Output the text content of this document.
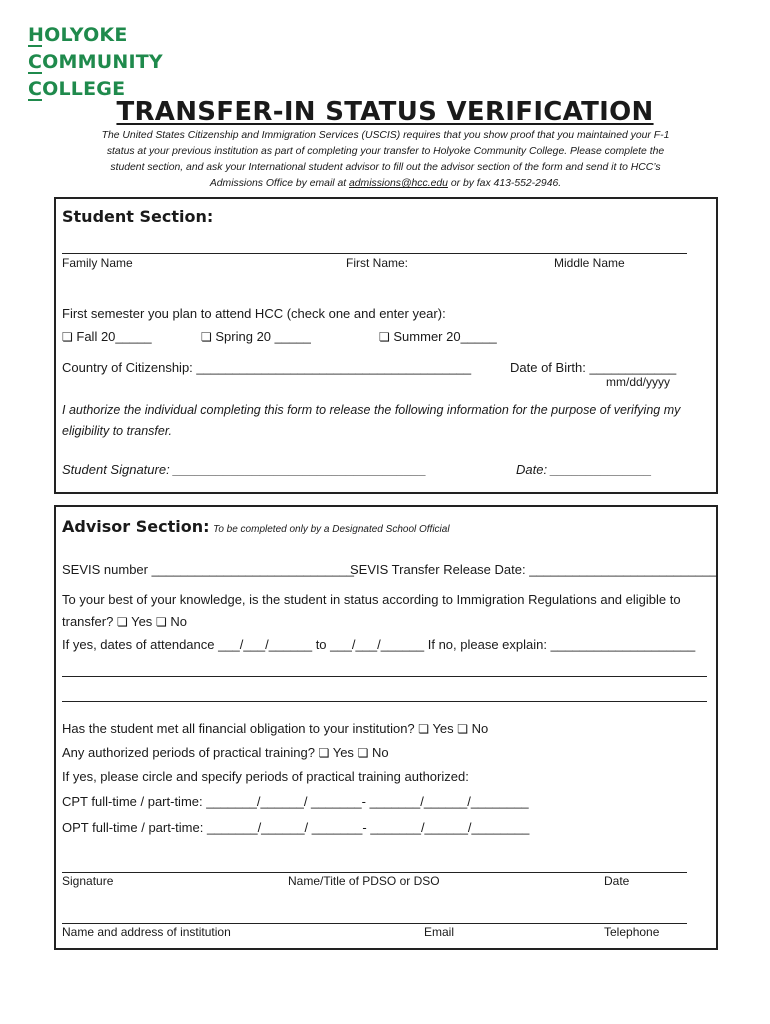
HOLYOKE
COMMUNITY
COLLEGE
TRANSFER-IN STATUS VERIFICATION
The United States Citizenship and Immigration Services (USCIS) requires that you show proof that you maintained your F-1 status at your previous institution as part of completing your transfer to Holyoke Community College. Please complete the student section, and ask your International student advisor to fill out the advisor section of the form and send it to HCC’s Admissions Office by email at admissions@hcc.edu or by fax 413-552-2946.
Student Section:
Family Name	First Name:	Middle Name
First semester you plan to attend HCC (check one and enter year):
❏ Fall 20_____	❏ Spring 20 _____	❏ Summer 20_____
Country of Citizenship: ______________________________________	Date of Birth: ____________
mm/dd/yyyy
I authorize the individual completing this form to release the following information for the purpose of verifying my eligibility to transfer.
Student Signature: ___________________________________	Date: ______________
Advisor Section: To be completed only by a Designated School Official
SEVIS number ____________________________
SEVIS Transfer Release Date: __________________________
To your best of your knowledge, is the student in status according to Immigration Regulations and eligible to transfer? ❏ Yes ❏ No
If yes, dates of attendance ___/___/______ to ___/___/______ If no, please explain: ____________________
Has the student met all financial obligation to your institution? ❏ Yes ❏ No
Any authorized periods of practical training? ❏ Yes ❏ No
If yes, please circle and specify periods of practical training authorized:
CPT full-time / part-time: _______/______/ _______- _______/______/________
OPT full-time / part-time: _______/______/ _______- _______/______/________
Signature	Name/Title of PDSO or DSO	Date
Name and address of institution	Email	Telephone
